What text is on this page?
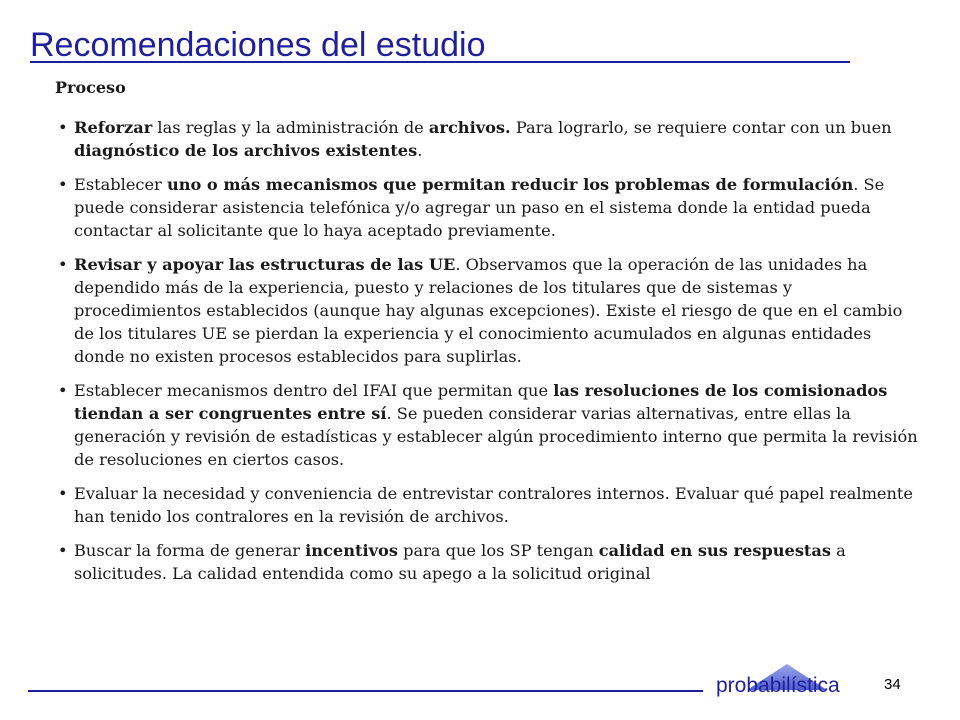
Recomendaciones del estudio
Proceso
• Reforzar las reglas y la administración de archivos. Para lograrlo, se requiere contar con un buen diagnóstico de los archivos existentes.
• Establecer uno o más mecanismos que permitan reducir los problemas de formulación. Se puede considerar asistencia telefónica y/o agregar un paso en el sistema donde la entidad pueda contactar al solicitante que lo haya aceptado previamente.
• Revisar y apoyar las estructuras de las UE. Observamos que la operación de las unidades ha dependido más de la experiencia, puesto y relaciones de los titulares que de sistemas y procedimientos establecidos (aunque hay algunas excepciones). Existe el riesgo de que en el cambio de los titulares UE se pierdan la experiencia y el conocimiento acumulados en algunas entidades donde no existen procesos establecidos para suplirlas.
• Establecer mecanismos dentro del IFAI que permitan que las resoluciones de los comisionados tiendan a ser congruentes entre sí. Se pueden considerar varias alternativas, entre ellas la generación y revisión de estadísticas y establecer algún procedimiento interno que permita la revisión de resoluciones en ciertos casos.
• Evaluar la necesidad y conveniencia de entrevistar contralores internos. Evaluar qué papel realmente han tenido los contralores en la revisión de archivos.
• Buscar la forma de generar incentivos para que los SP tengan calidad en sus respuestas a solicitudes. La calidad entendida como su apego a la solicitud original
probabilística	34
